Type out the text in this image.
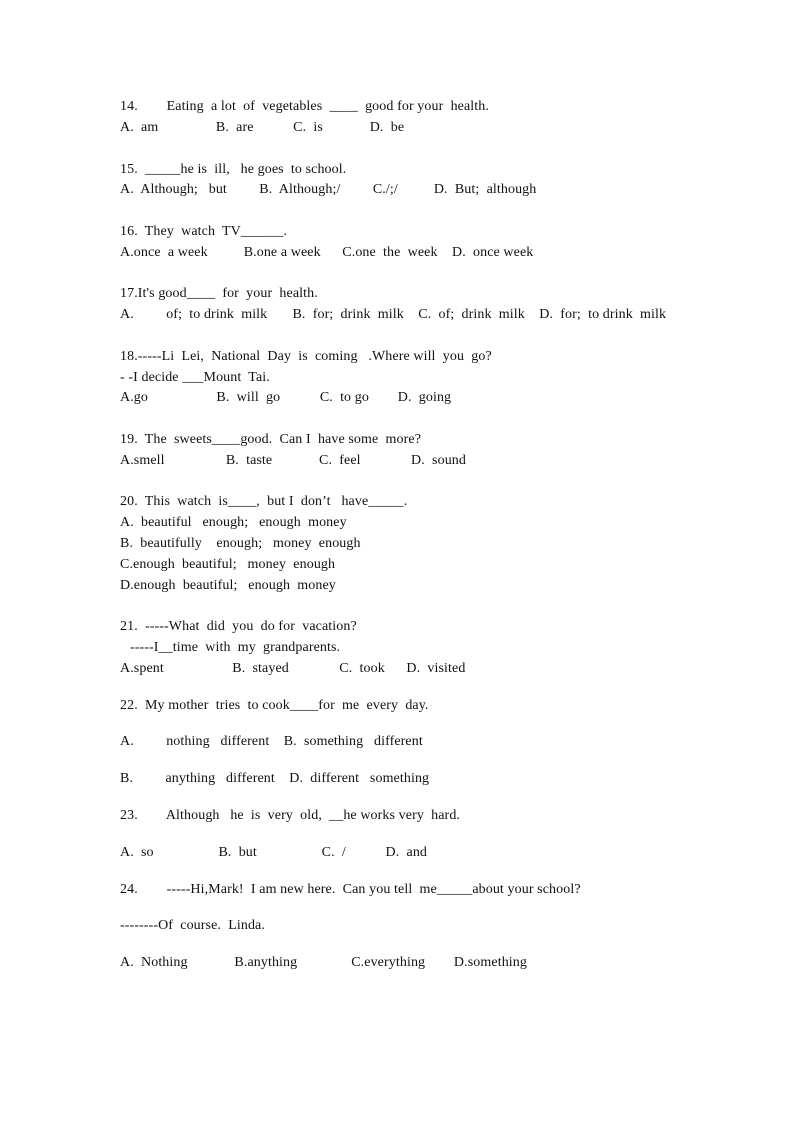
14.        Eating  a lot  of  vegetables  ____  good for your  health.
A.  am                B.  are           C.  is             D.  be
15.  _____he is  ill,   he goes  to school.
A.  Although;   but         B.  Although;/         C./;/          D.  But;  although
16.  They  watch  TV______.
A.once  a week          B.one a week      C.one  the  week    D.  once week
17.It's good____  for  your  health.
A.         of;  to drink  milk       B.  for;  drink  milk    C.  of;  drink  milk    D.  for;  to drink  milk
18.-----Li  Lei,  National  Day  is  coming   .Where will  you  go?
- -I decide ___Mount  Tai.
A.go                   B.  will  go           C.  to go        D.  going
19.  The  sweets____good.  Can I  have some  more?
A.smell                 B.  taste             C.  feel              D.  sound
20.  This  watch  is____,  but I  don’t   have_____.
A.  beautiful   enough;   enough  money
B.  beautifully    enough;   money  enough
C.enough  beautiful;   money  enough
D.enough  beautiful;   enough  money
21.  -----What  did  you  do for  vacation?
-----I__time  with  my  grandparents.
A.spent                   B.  stayed              C.  took      D.  visited
22.  My mother  tries  to cook____for  me  every  day.
A.         nothing   different    B.  something   different
B.         anything   different    D.  different   something
23.        Although   he  is  very  old,  __he works very  hard.
A.  so                  B.  but                  C.  /           D.  and
24.        -----Hi,Mark!  I am new here.  Can you tell  me_____about your school?
--------Of  course.  Linda.
A.  Nothing             B.anything               C.everything        D.something
